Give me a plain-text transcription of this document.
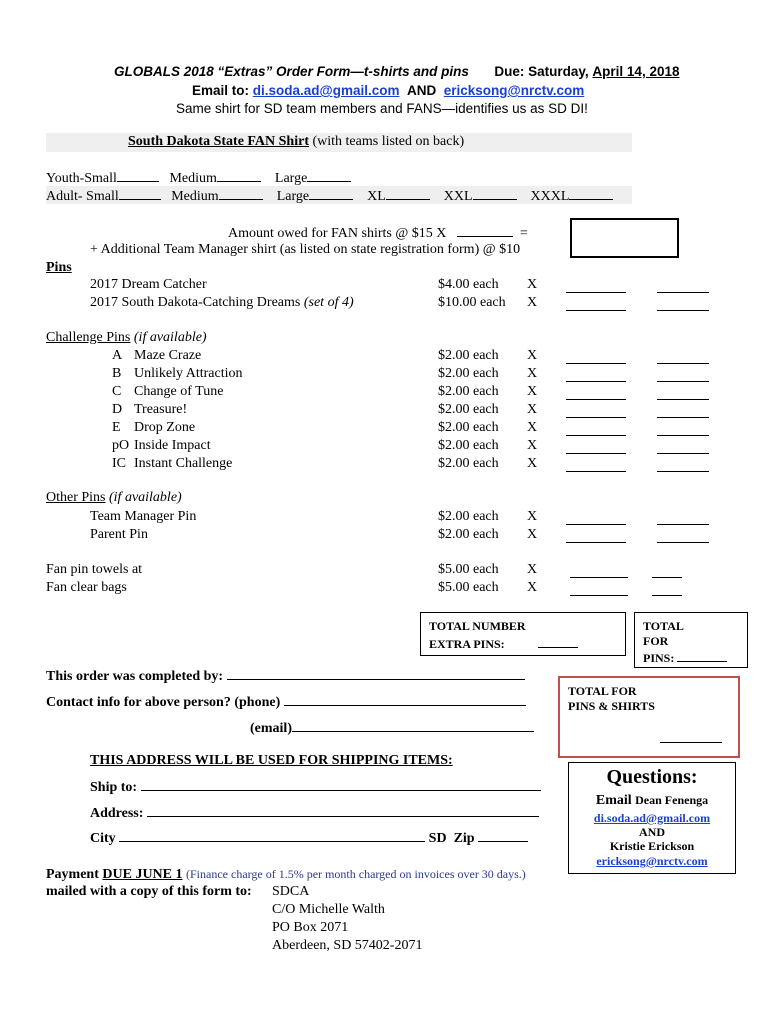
GLOBALS 2018 “Extras” Order Form—t-shirts and pins Due: Saturday, April 14, 2018
Email to: di.soda.ad@gmail.com AND ericksong@nrctv.com
Same shirt for SD team members and FANS—identifies us as SD DI!
South Dakota State FAN Shirt (with teams listed on back)
Youth-Small	Medium	Large
Adult- Small	Medium	Large	XL	XXL	XXXL
Amount owed for FAN shirts @ $15 X	=
+ Additional Team Manager shirt (as listed on state registration form) @ $10
Pins
2017 Dream Catcher	$4.00 each X
2017 South Dakota-Catching Dreams (set of 4)	$10.00 each X
Challenge Pins (if available)
A Maze Craze	$2.00 each X
B Unlikely Attraction	$2.00 each X
C Change of Tune	$2.00 each X
D Treasure!	$2.00 each X
E Drop Zone	$2.00 each X
pO Inside Impact	$2.00 each X
IC Instant Challenge	$2.00 each X
Other Pins (if available)
Team Manager Pin	$2.00 each X
Parent Pin	$2.00 each X
Fan pin towels at	$5.00 each X
Fan clear bags	$5.00 each X
TOTAL NUMBER
EXTRA PINS:
TOTAL
FOR
PINS:
TOTAL FOR
PINS & SHIRTS
This order was completed by:
Contact info for above person? (phone)
(email)
THIS ADDRESS WILL BE USED FOR SHIPPING ITEMS:
Ship to:
Address:
City	SD Zip
Questions:
Email Dean Fenenga
di.soda.ad@gmail.com
AND
Kristie Erickson
ericksong@nrctv.com
Payment DUE JUNE 1 (Finance charge of 1.5% per month charged on invoices over 30 days.)
mailed with a copy of this form to: SDCA
C/O Michelle Walth
PO Box 2071
Aberdeen, SD 57402-2071
